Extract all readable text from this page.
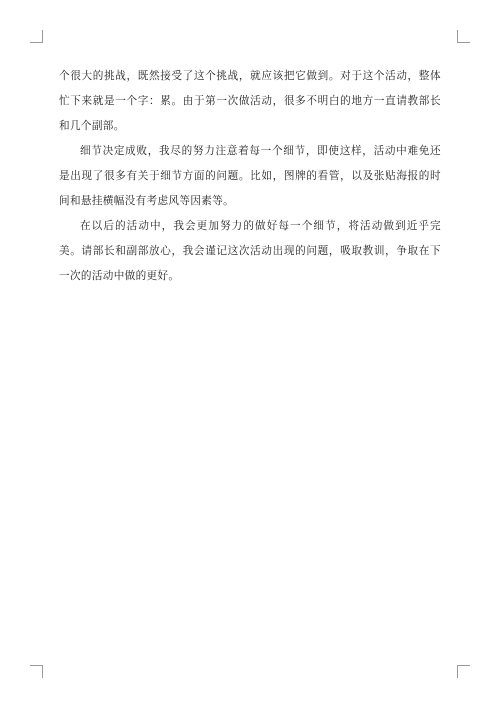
个很大的挑战，既然接受了这个挑战，就应该把它做到。对于这个活动，整体忙下来就是一个字：累。由于第一次做活动，很多不明白的地方一直请教部长和几个副部。

细节决定成败，我尽的努力注意着每一个细节，即使这样，活动中难免还是出现了很多有关于细节方面的问题。比如，图牌的看管，以及张贴海报的时间和悬挂横幅没有考虑风等因素等。

在以后的活动中，我会更加努力的做好每一个细节，将活动做到近乎完美。请部长和副部放心，我会谨记这次活动出现的问题，吸取教训，争取在下一次的活动中做的更好。
